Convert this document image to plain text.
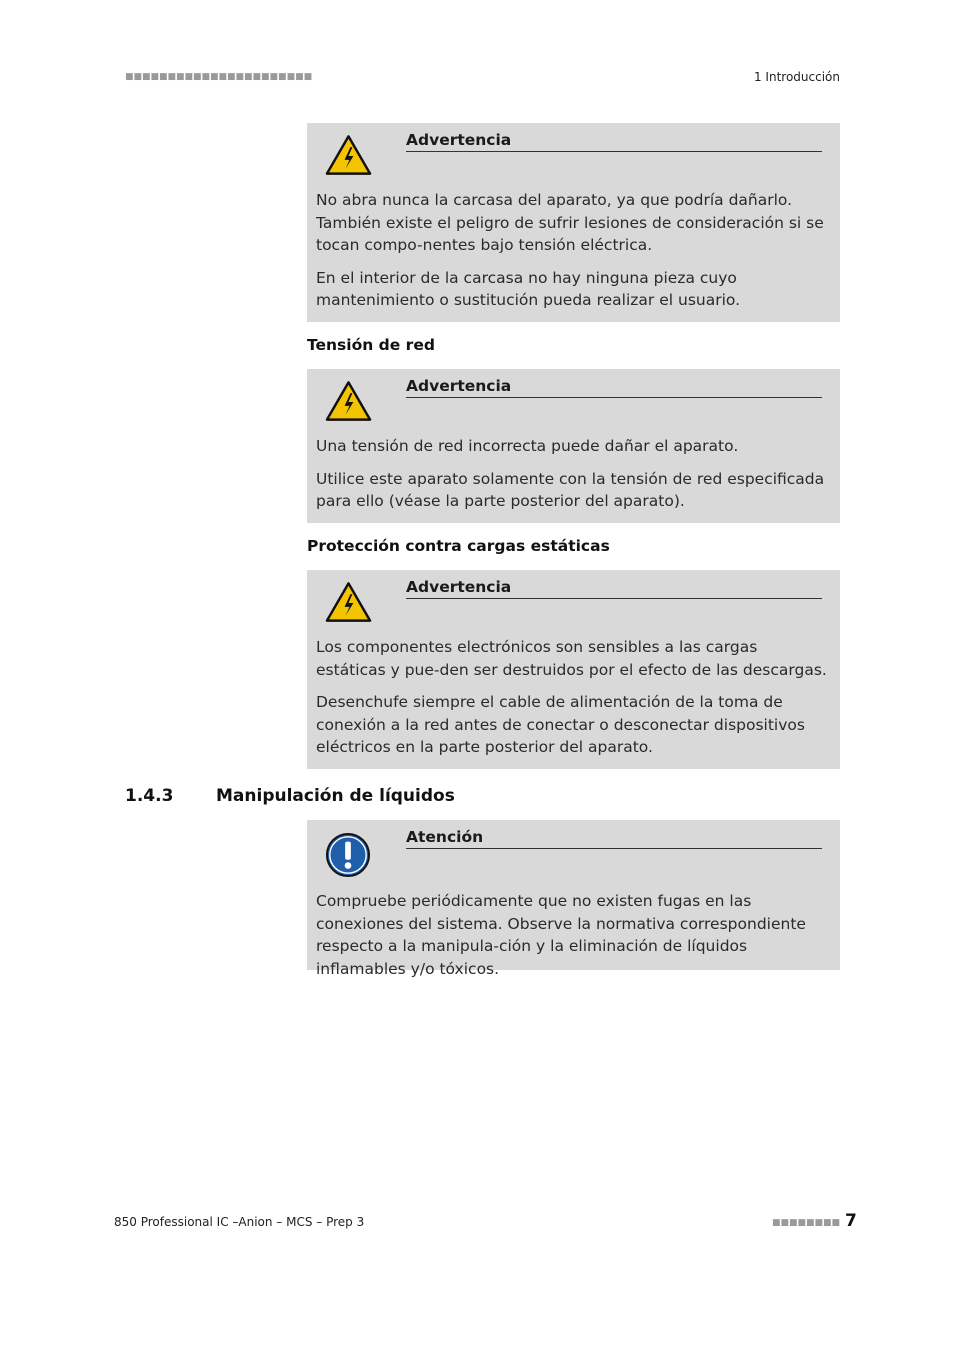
■■■■■■■■■■■■■■■■■■■■■■	1 Introducción
Advertencia

No abra nunca la carcasa del aparato, ya que podría dañarlo. También existe el peligro de sufrir lesiones de consideración si se tocan compo-nentes bajo tensión eléctrica.

En el interior de la carcasa no hay ninguna pieza cuyo mantenimiento o sustitución pueda realizar el usuario.

Tensión de red
Advertencia

Una tensión de red incorrecta puede dañar el aparato.

Utilice este aparato solamente con la tensión de red especificada para ello (véase la parte posterior del aparato).

Protección contra cargas estáticas
Advertencia

Los componentes electrónicos son sensibles a las cargas estáticas y pue-den ser destruidos por el efecto de las descargas.

Desenchufe siempre el cable de alimentación de la toma de conexión a la red antes de conectar o desconectar dispositivos eléctricos en la parte posterior del aparato.

1.4.3	Manipulación de líquidos
Atención

Compruebe periódicamente que no existen fugas en las conexiones del sistema. Observe la normativa correspondiente respecto a la manipula-ción y la eliminación de líquidos inflamables y/o tóxicos.

850 Professional IC –Anion – MCS – Prep 3	■■■■■■■■ 7
